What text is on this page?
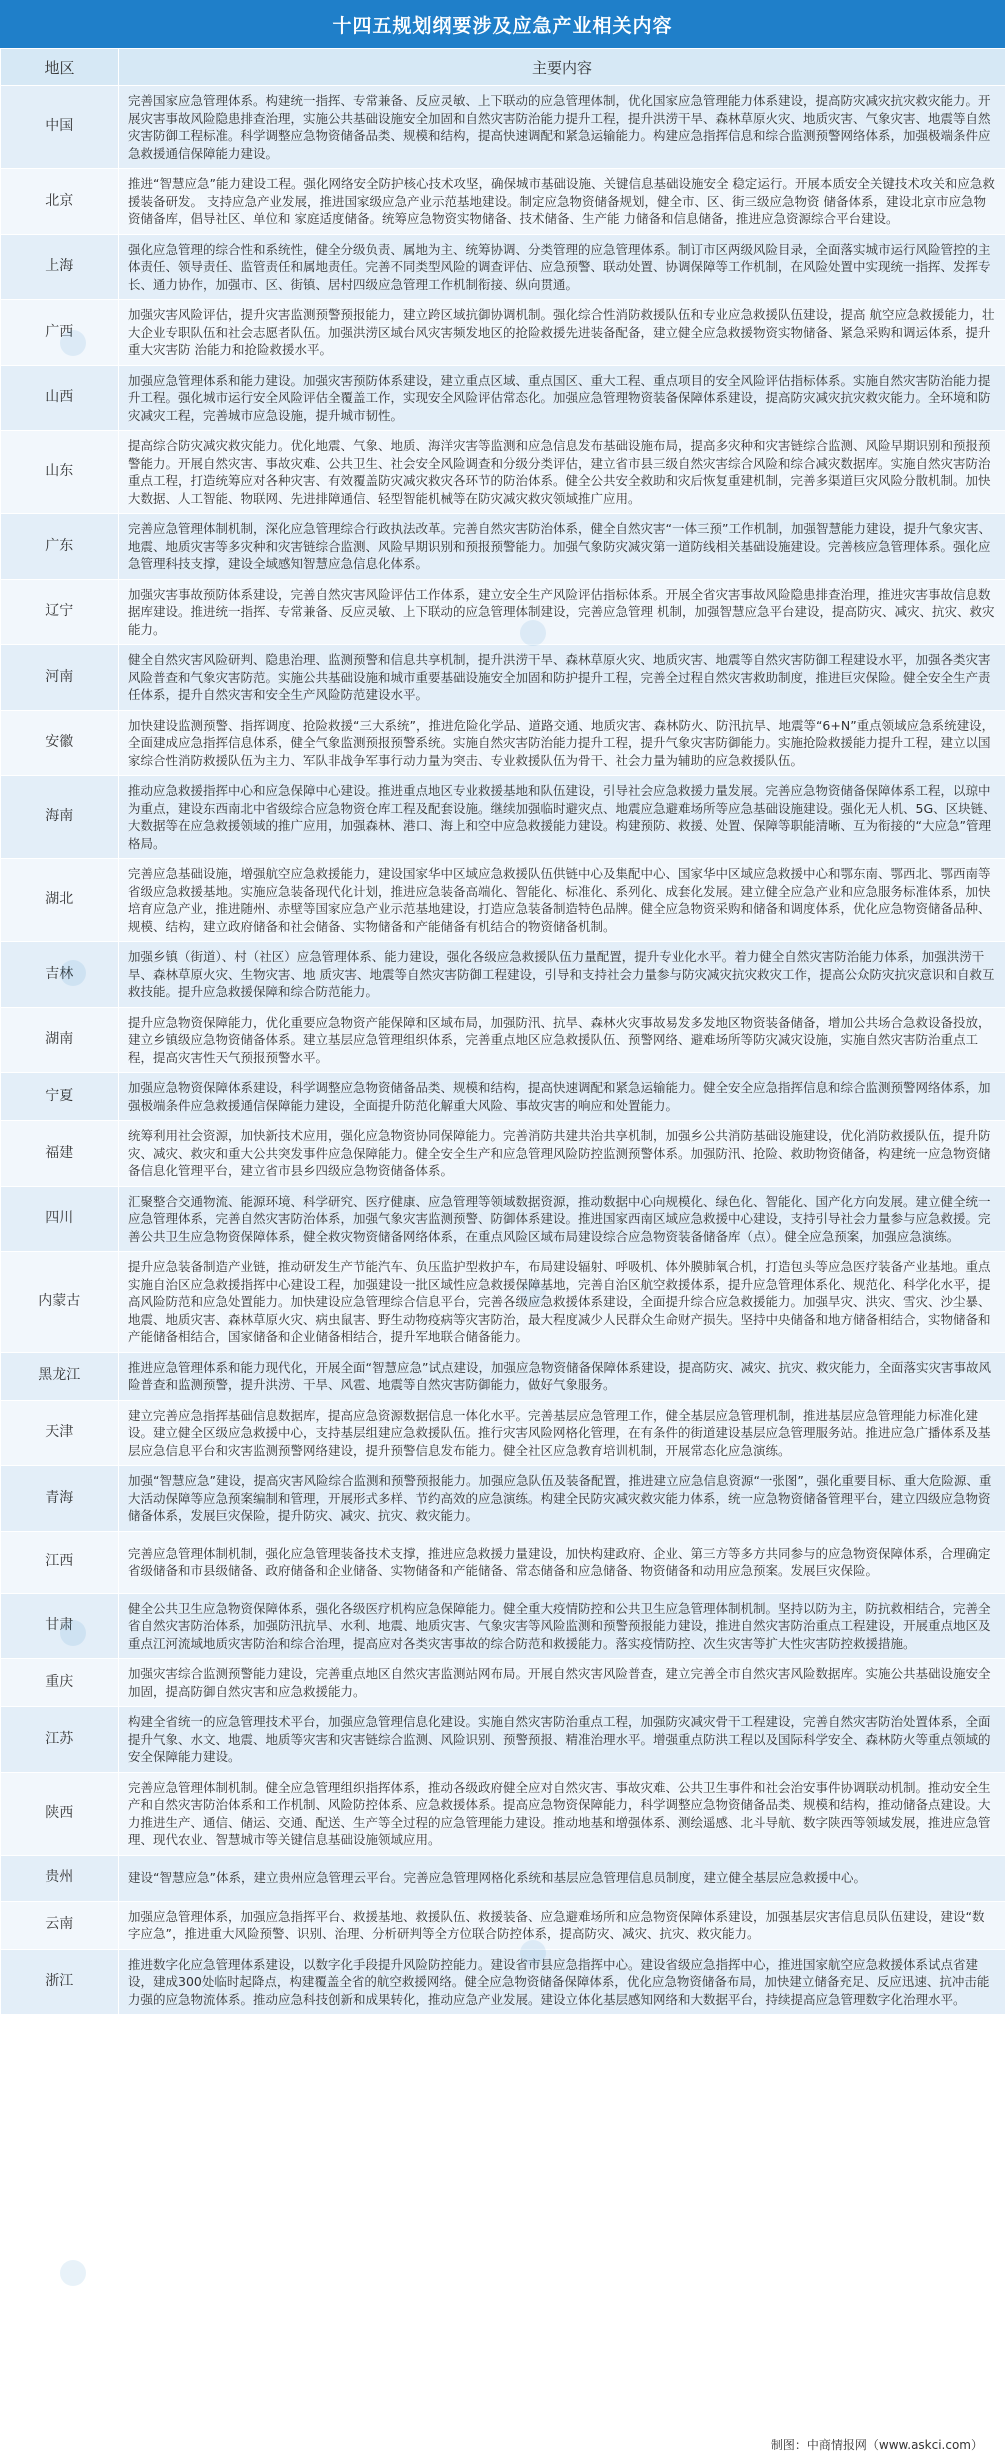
十四五规划纲要涉及应急产业相关内容
地区	主要内容
中国	完善国家应急管理体系。构建统一指挥、专常兼备、反应灵敏、上下联动的应急管理体制，优化国家应急管理能力体系建设，提高防灾减灾抗灾救灾能力。开展灾害事故风险隐患排查治理，实施公共基础设施安全加固和自然灾害防治能力提升工程，提升洪涝干旱、森林草原火灾、地质灾害、气象灾害、地震等自然灾害防御工程标准。科学调整应急物资储备品类、规模和结构，提高快速调配和紧急运输能力。构建应急指挥信息和综合监测预警网络体系，加强极端条件应急救援通信保障能力建设。
北京	推进“智慧应急”能力建设工程。强化网络安全防护核心技术攻坚，确保城市基础设施、关键信息基础设施安全 稳定运行。开展本质安全关键技术攻关和应急救援装备研发。 支持应急产业发展，推进国家级应急产业示范基地建设。制定应急物资储备规划，健全市、区、街三级应急物资 储备体系，建设北京市应急物资储备库，倡导社区、单位和 家庭适度储备。统筹应急物资实物储备、技术储备、生产能 力储备和信息储备，推进应急资源综合平台建设。
上海	强化应急管理的综合性和系统性，健全分级负责、属地为主、统筹协调、分类管理的应急管理体系。制订市区两级风险目录，全面落实城市运行风险管控的主体责任、领导责任、监管责任和属地责任。完善不同类型风险的调查评估、应急预警、联动处置、协调保障等工作机制，在风险处置中实现统一指挥、发挥专长、通力协作，加强市、区、街镇、居村四级应急管理工作机制衔接、纵向贯通。
广西	加强灾害风险评估，提升灾害监测预警预报能力，建立跨区域抗御协调机制。强化综合性消防救援队伍和专业应急救援队伍建设，提高 航空应急救援能力，壮大企业专职队伍和社会志愿者队伍。加强洪涝区域台风灾害频发地区的抢险救援先进装备配备，建立健全应急救援物资实物储备、紧急采购和调运体系，提升重大灾害防 治能力和抢险救援水平。
山西	加强应急管理体系和能力建设。加强灾害预防体系建设，建立重点区域、重点国区、重大工程、重点项目的安全风险评估指标体系。实施自然灾害防治能力提升工程。强化城市运行安全风险评估全覆盖工作，实现安全风险评估常态化。加强应急管理物资装备保障体系建设，提高防灾减灾抗灾救灾能力。全环境和防灾减灾工程，完善城市应急设施，提升城市韧性。
山东	提高综合防灾减灾救灾能力。优化地震、气象、地质、海洋灾害等监测和应急信息发布基础设施布局，提高多灾种和灾害链综合监测、风险早期识别和预报预警能力。开展自然灾害、事故灾难、公共卫生、社会安全风险调查和分级分类评估，建立省市县三级自然灾害综合风险和综合减灾数据库。实施自然灾害防治重点工程，打造统筹应对各种灾害、有效覆盖防灾减灾救灾各环节的防治体系。健全公共安全救助和灾后恢复重建机制，完善多渠道巨灾风险分散机制。加快大数据、人工智能、物联网、先进排障通信、轻型智能机械等在防灾减灾救灾领域推广应用。
广东	完善应急管理体制机制，深化应急管理综合行政执法改革。完善自然灾害防治体系，健全自然灾害“一体三预”工作机制，加强智慧能力建设，提升气象灾害、地震、地质灾害等多灾种和灾害链综合监测、风险早期识别和预报预警能力。加强气象防灾减灾第一道防线相关基础设施建设。完善核应急管理体系。强化应急管理科技支撑，建设全域感知智慧应急信息化体系。
辽宁	加强灾害事故预防体系建设，完善自然灾害风险评估工作体系，建立安全生产风险评估指标体系。开展全省灾害事故风险隐患排查治理，推进灾害事故信息数据库建设。推进统一指挥、专常兼备、反应灵敏、上下联动的应急管理体制建设，完善应急管理 机制，加强智慧应急平台建设，提高防灾、减灾、抗灾、救灾能力。
河南	健全自然灾害风险研判、隐患治理、监测预警和信息共享机制，提升洪涝干旱、森林草原火灾、地质灾害、地震等自然灾害防御工程建设水平，加强各类灾害风险普查和气象灾害防范。实施公共基础设施和城市重要基础设施安全加固和防护提升工程，完善全过程自然灾害救助制度，推进巨灾保险。健全安全生产责任体系，提升自然灾害和安全生产风险防范建设水平。
安徽	加快建设监测预警、指挥调度、抢险救援“三大系统”，推进危险化学品、道路交通、地质灾害、森林防火、防汛抗旱、地震等“6+N”重点领域应急系统建设，全面建成应急指挥信息体系，健全气象监测预报预警系统。实施自然灾害防治能力提升工程，提升气象灾害防御能力。实施抢险救援能力提升工程，建立以国家综合性消防救援队伍为主力、军队非战争军事行动力量为突击、专业救援队伍为骨干、社会力量为辅助的应急救援队伍。
海南	推动应急救援指挥中心和应急保障中心建设。推进重点地区专业救援基地和队伍建设，引导社会应急救援力量发展。完善应急物资储备保障体系工程，以琼中为重点，建设东西南北中省级综合应急物资仓库工程及配套设施。继续加强临时避灾点、地震应急避难场所等应急基础设施建设。强化无人机、5G、区块链、大数据等在应急救援领域的推广应用，加强森林、港口、海上和空中应急救援能力建设。构建预防、救援、处置、保障等职能清晰、互为衔接的“大应急”管理格局。
湖北	完善应急基础设施，增强航空应急救援能力，建设国家华中区域应急救援队伍供链中心及集配中心、国家华中区域应急救援中心和鄂东南、鄂西北、鄂西南等省级应急救援基地。实施应急装备现代化计划，推进应急装备高端化、智能化、标准化、系列化、成套化发展。建立健全应急产业和应急服务标准体系，加快培育应急产业，推进随州、赤壁等国家应急产业示范基地建设，打造应急装备制造特色品牌。健全应急物资采购和储备和调度体系，优化应急物资储备品种、规模、结构，建立政府储备和社会储备、实物储备和产能储备有机结合的物资储备机制。
吉林	加强乡镇（街道）、村（社区）应急管理体系、能力建设，强化各级应急救援队伍力量配置，提升专业化水平。着力健全自然灾害防治能力体系，加强洪涝干旱、森林草原火灾、生物灾害、地 质灾害、地震等自然灾害防御工程建设，引导和支持社会力量参与防灾减灾抗灾救灾工作，提高公众防灾抗灾意识和自救互救技能。提升应急救援保障和综合防范能力。
湖南	提升应急物资保障能力，优化重要应急物资产能保障和区域布局，加强防汛、抗旱、森林火灾事故易发多发地区物资装备储备，增加公共场合急救设备投放，建立乡镇级应急物资储备体系。建立基层应急管理组织体系，完善重点地区应急救援队伍、预警网络、避难场所等防灾减灾设施，实施自然灾害防治重点工程，提高灾害性天气预报预警水平。
宁夏	加强应急物资保障体系建设，科学调整应急物资储备品类、规模和结构，提高快速调配和紧急运输能力。健全安全应急指挥信息和综合监测预警网络体系，加强极端条件应急救援通信保障能力建设，全面提升防范化解重大风险、事故灾害的响应和处置能力。
福建	统筹利用社会资源，加快新技术应用，强化应急物资协同保障能力。完善消防共建共治共享机制，加强乡公共消防基础设施建设，优化消防救援队伍，提升防灾、减灾、救灾和重大公共突发事件应急保障能力。健全安全生产和应急管理风险防控监测预警体系。加强防汛、抢险、救助物资储备，构建统一应急物资储备信息化管理平台，建立省市县乡四级应急物资储备体系。
四川	汇聚整合交通物流、能源环境、科学研究、医疗健康、应急管理等领域数据资源，推动数据中心向规模化、绿色化、智能化、国产化方向发展。建立健全统一应急管理体系，完善自然灾害防治体系，加强气象灾害监测预警、防御体系建设。推进国家西南区域应急救援中心建设，支持引导社会力量参与应急救援。完善公共卫生应急物资保障体系，健全救灾物资储备网络体系，在重点风险区域布局建设综合应急物资装备储备库（点）。健全应急预案，加强应急演练。
内蒙古	提升应急装备制造产业链，推动研发生产节能汽车、负压监护型救护车，布局建设辐射、呼吸机、体外膜肺氧合机，打造包头等应急医疗装备产业基地。重点实施自治区应急救援指挥中心建设工程，加强建设一批区域性应急救援保障基地，完善自治区航空救援体系，提升应急管理体系化、规范化、科学化水平，提高风险防范和应急处置能力。加快建设应急管理综合信息平台，完善各级应急救援体系建设，全面提升综合应急救援能力。加强旱灾、洪灾、雪灾、沙尘暴、地震、地质灾害、森林草原火灾、病虫鼠害、野生动物疫病等灾害防治，最大程度减少人民群众生命财产损失。坚持中央储备和地方储备相结合，实物储备和产能储备相结合，国家储备和企业储备相结合，提升军地联合储备能力。
黑龙江	推进应急管理体系和能力现代化，开展全面“智慧应急”试点建设，加强应急物资储备保障体系建设，提高防灾、减灾、抗灾、救灾能力，全面落实灾害事故风险普查和监测预警，提升洪涝、干旱、风雹、地震等自然灾害防御能力，做好气象服务。
天津	建立完善应急指挥基础信息数据库，提高应急资源数据信息一体化水平。完善基层应急管理工作，健全基层应急管理机制，推进基层应急管理能力标准化建设。建立健全区级应急救援中心，支持基层组建应急救援队伍。推行灾害风险网格化管理，在有条件的街道建设基层应急管理服务站。推进应急广播体系及基层应急信息平台和灾害监测预警网络建设，提升预警信息发布能力。健全社区应急教育培训机制，开展常态化应急演练。
青海	加强“智慧应急”建设，提高灾害风险综合监测和预警预报能力。加强应急队伍及装备配置，推进建立应急信息资源“一张图”，强化重要目标、重大危险源、重大活动保障等应急预案编制和管理，开展形式多样、节约高效的应急演练。构建全民防灾减灾救灾能力体系，统一应急物资储备管理平台，建立四级应急物资储备体系，发展巨灾保险，提升防灾、减灾、抗灾、救灾能力。
江西	完善应急管理体制机制，强化应急管理装备技术支撑，推进应急救援力量建设，加快构建政府、企业、第三方等多方共同参与的应急物资保障体系，合理确定省级储备和市县级储备、政府储备和企业储备、实物储备和产能储备、常态储备和应急储备、物资储备和动用应急预案。发展巨灾保险。
甘肃	健全公共卫生应急物资保障体系，强化各级医疗机构应急保障能力。健全重大疫情防控和公共卫生应急管理体制机制。坚持以防为主，防抗救相结合，完善全省自然灾害防治体系，加强防汛抗旱、水利、地震、地质灾害、气象灾害等风险监测和预警预报能力建设，推进自然灾害防治重点工程建设，开展重点地区及重点江河流域地质灾害防治和综合治理，提高应对各类灾害事故的综合防范和救援能力。落实疫情防控、次生灾害等扩大性灾害防控救援措施。
重庆	加强灾害综合监测预警能力建设，完善重点地区自然灾害监测站网布局。开展自然灾害风险普查，建立完善全市自然灾害风险数据库。实施公共基础设施安全加固，提高防御自然灾害和应急救援能力。
江苏	构建全省统一的应急管理技术平台，加强应急管理信息化建设。实施自然灾害防治重点工程，加强防灾减灾骨干工程建设，完善自然灾害防治处置体系，全面提升气象、水文、地震、地质等灾害和灾害链综合监测、风险识别、预警预报、精准治理水平。增强重点防洪工程以及国际科学安全、森林防火等重点领域的安全保障能力建设。
陕西	完善应急管理体制机制。健全应急管理组织指挥体系，推动各级政府健全应对自然灾害、事故灾难、公共卫生事件和社会治安事件协调联动机制。推动安全生产和自然灾害防治体系和工作机制、风险防控体系、应急救援体系。提高应急物资保障能力，科学调整应急物资储备品类、规模和结构，推动储备点建设。大力推进生产、通信、储运、交通、配送、生产等全过程的应急管理能力建设。推动地基和增强体系、测绘遥感、北斗导航、数字陕西等领域发展，推进应急管理、现代农业、智慧城市等关键信息基础设施领域应用。
贵州	建设“智慧应急”体系，建立贵州应急管理云平台。完善应急管理网格化系统和基层应急管理信息员制度，建立健全基层应急救援中心。
云南	加强应急管理体系，加强应急指挥平台、救援基地、救援队伍、救援装备、应急避难场所和应急物资保障体系建设，加强基层灾害信息员队伍建设，建设“数字应急”，推进重大风险预警、识别、治理、分析研判等全方位联合防控体系，提高防灾、减灾、抗灾、救灾能力。
浙江	推进数字化应急管理体系建设，以数字化手段提升风险防控能力。建设省市县应急指挥中心。建设省级应急指挥中心，推进国家航空应急救援体系试点省建设，建成300处临时起降点，构建覆盖全省的航空救援网络。健全应急物资储备保障体系，优化应急物资储备布局，加快建立储备充足、反应迅速、抗冲击能力强的应急物流体系。推动应急科技创新和成果转化，推动应急产业发展。建设立体化基层感知网络和大数据平台，持续提高应急管理数字化治理水平。
制图：中商情报网（www.askci.com）
